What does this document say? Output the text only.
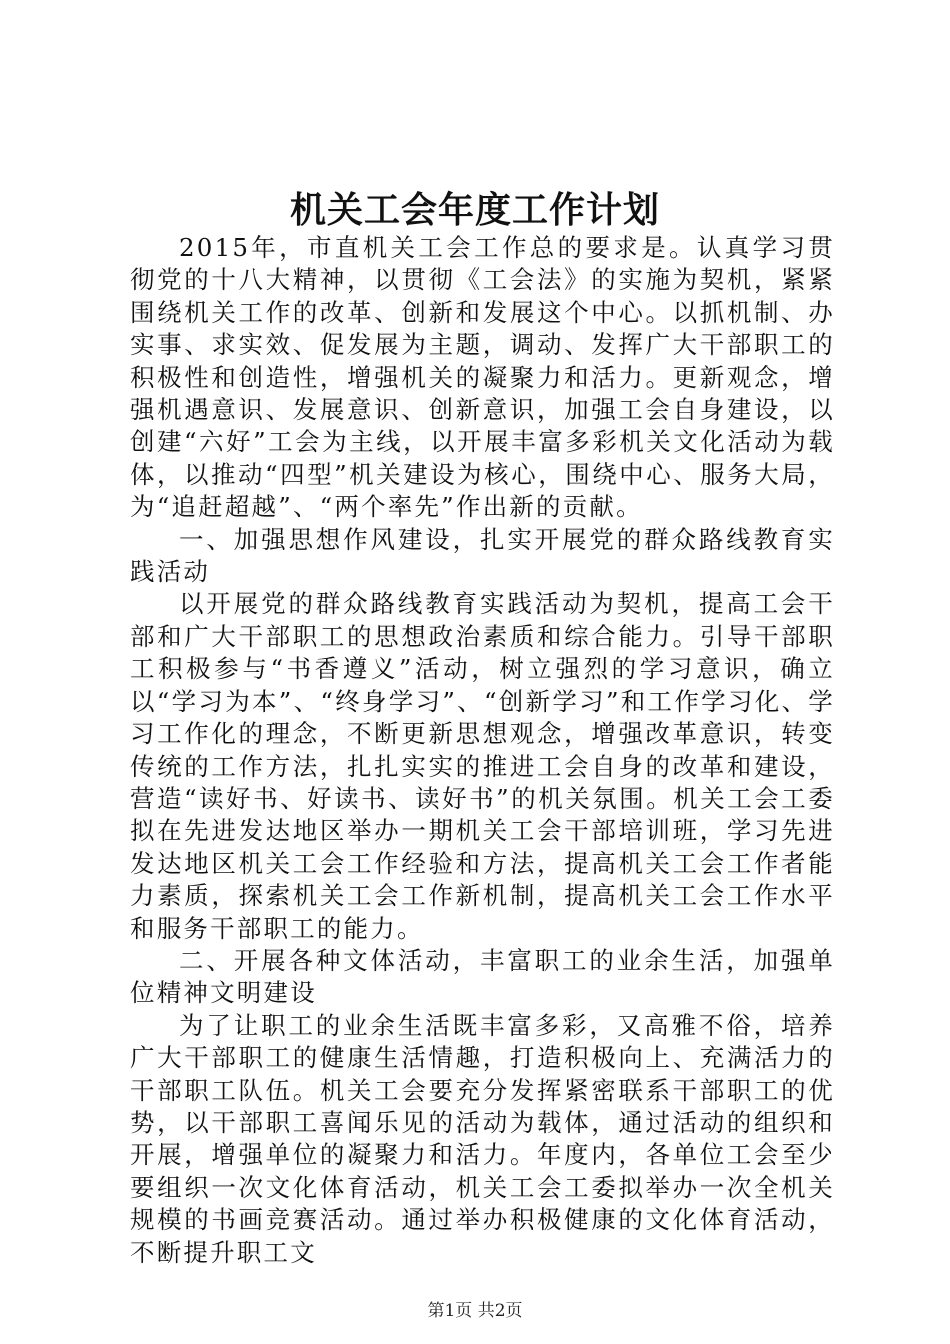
机关工会年度工作计划

2015年，市直机关工会工作总的要求是。认真学习贯彻党的十八大精神，以贯彻《工会法》的实施为契机，紧紧围绕机关工作的改革、创新和发展这个中心。以抓机制、办实事、求实效、促发展为主题，调动、发挥广大干部职工的积极性和创造性，增强机关的凝聚力和活力。更新观念，增强机遇意识、发展意识、创新意识，加强工会自身建设，以创建“六好”工会为主线，以开展丰富多彩机关文化活动为载体，以推动“四型”机关建设为核心，围绕中心、服务大局，为“追赶超越”、“两个率先”作出新的贡献。

一、加强思想作风建设，扎实开展党的群众路线教育实践活动

以开展党的群众路线教育实践活动为契机，提高工会干部和广大干部职工的思想政治素质和综合能力。引导干部职工积极参与“书香遵义”活动，树立强烈的学习意识，确立以“学习为本”、“终身学习”、“创新学习”和工作学习化、学习工作化的理念，不断更新思想观念，增强改革意识，转变传统的工作方法，扎扎实实的推进工会自身的改革和建设，营造“读好书、好读书、读好书”的机关氛围。机关工会工委拟在先进发达地区举办一期机关工会干部培训班，学习先进发达地区机关工会工作经验和方法，提高机关工会工作者能力素质，探索机关工会工作新机制，提高机关工会工作水平和服务干部职工的能力。

二、开展各种文体活动，丰富职工的业余生活，加强单位精神文明建设

为了让职工的业余生活既丰富多彩，又高雅不俗，培养广大干部职工的健康生活情趣，打造积极向上、充满活力的干部职工队伍。机关工会要充分发挥紧密联系干部职工的优势，以干部职工喜闻乐见的活动为载体，通过活动的组织和开展，增强单位的凝聚力和活力。年度内，各单位工会至少要组织一次文化体育活动，机关工会工委拟举办一次全机关规模的书画竞赛活动。通过举办积极健康的文化体育活动，不断提升职工文

第1页 共2页
